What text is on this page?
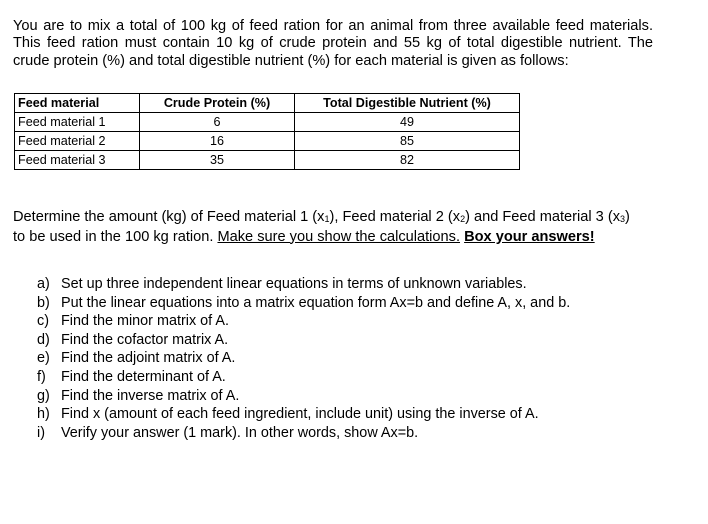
You are to mix a total of 100 kg of feed ration for an animal from three available feed materials. This feed ration must contain 10 kg of crude protein and 55 kg of total digestible nutrient. The crude protein (%) and total digestible nutrient (%) for each material is given as follows:

Feed material	Crude Protein (%)	Total Digestible Nutrient (%)
Feed material 1	6	49
Feed material 2	16	85
Feed material 3	35	82

Determine the amount (kg) of Feed material 1 $(x_1)$, Feed material 2 $(x_2)$ and Feed material 3 $(x_3)$ to be used in the 100 kg ration. Make sure you show the calculations. Box your answers!

a) Set up three independent linear equations in terms of unknown variables.
b) Put the linear equations into a matrix equation form Ax=b and define A, x, and b.
c) Find the minor matrix of A.
d) Find the cofactor matrix A.
e) Find the adjoint matrix of A.
f)	Find the determinant of A.
g) Find the inverse matrix of A.
h) Find x (amount of each feed ingredient, include unit) using the inverse of A.
i)	Verify your answer (1 mark). In other words, show Ax=b.
